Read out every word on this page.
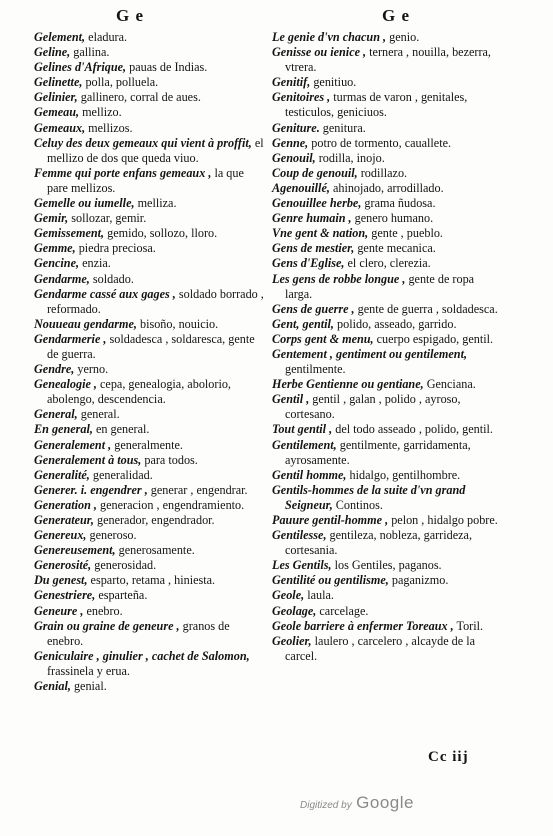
G e	G e

Gelement, eladura.

Geline, gallina.

Gelines d'Afrique, pauas de Indias.

Gelinette, polla, polluela.

Gelinier, gallinero, corral de aues.

Gemeau, mellizo.

Gemeaux, mellizos.

Celuy des deux gemeaux qui vient à proffit, el mellizo de dos que queda viuo.

Femme qui porte enfans gemeaux , la que pare mellizos.

Gemelle ou iumelle, melliza.

Gemir, sollozar, gemir.

Gemissement, gemido, sollozo, lloro.

Gemme, piedra preciosa.

Gencine, enzia.

Gendarme, soldado.

Gendarme cassé aux gages , soldado borrado , reformado.

Nouueau gendarme, bisoño, nouicio.

Gendarmerie , soldadesca , soldaresca, gente de guerra.

Gendre, yerno.

Genealogie , cepa, genealogia, abolorio, abolengo, descendencia.

General, general.

En general, en general.

Generalement , generalmente.

Generalement à tous, para todos.

Generalité, generalidad.

Generer. i. engendrer , generar , engendrar.

Generation , generacion , engendramiento.

Generateur, generador, engendrador.

Genereux, generoso.

Genereusement, generosamente.

Generosité, generosidad.

Du genest, esparto, retama , hiniesta.

Genestriere, esparteña.

Geneure , enebro.

Grain ou graine de geneure , granos de enebro.

Geniculaire , ginulier , cachet de Salomon, frassinela y erua.

Genial, genial.

Le genie d'vn chacun , genio.

Genisse ou ienice , ternera , nouilla, bezerra, vtrera.

Genitif, genitiuo.

Genitoires , turmas de varon , genitales, testiculos, geniciuos.

Geniture. genitura.

Genne, potro de tormento, cauallete.

Genouil, rodilla, inojo.

Coup de genouil, rodillazo.

Agenouillé, ahinojado, arrodillado.

Genouillee herbe, grama ñudosa.

Genre humain , genero humano.

Vne gent & nation, gente , pueblo.

Gens de mestier, gente mecanica.

Gens d'Eglise, el clero, clerezia.

Les gens de robbe longue , gente de ropa larga.

Gens de guerre , gente de guerra , soldadesca.

Gent, gentil, polido, asseado, garrido.

Corps gent & menu, cuerpo espigado, gentil.

Gentement , gentiment ou gentilement, gentilmente.

Herbe Gentienne ou gentiane, Genciana.

Gentil , gentil , galan , polido , ayroso, cortesano.

Tout gentil , del todo asseado , polido, gentil.

Gentilement, gentilmente, garridamenta, ayrosamente.

Gentil homme, hidalgo, gentilhombre.

Gentils-hommes de la suite d'vn grand Seigneur, Continos.

Pauure gentil-homme , pelon , hidalgo pobre.

Gentilesse, gentileza, nobleza, garrideza, cortesania.

Les Gentils, los Gentiles, paganos.

Gentilité ou gentilisme, paganizmo.

Geole, laula.

Geolage, carcelage.

Geole barriere à enfermer Toreaux , Toril.

Geolier, laulero , carcelero , alcayde de la carcel.

Cc iij
Digitized by Google
